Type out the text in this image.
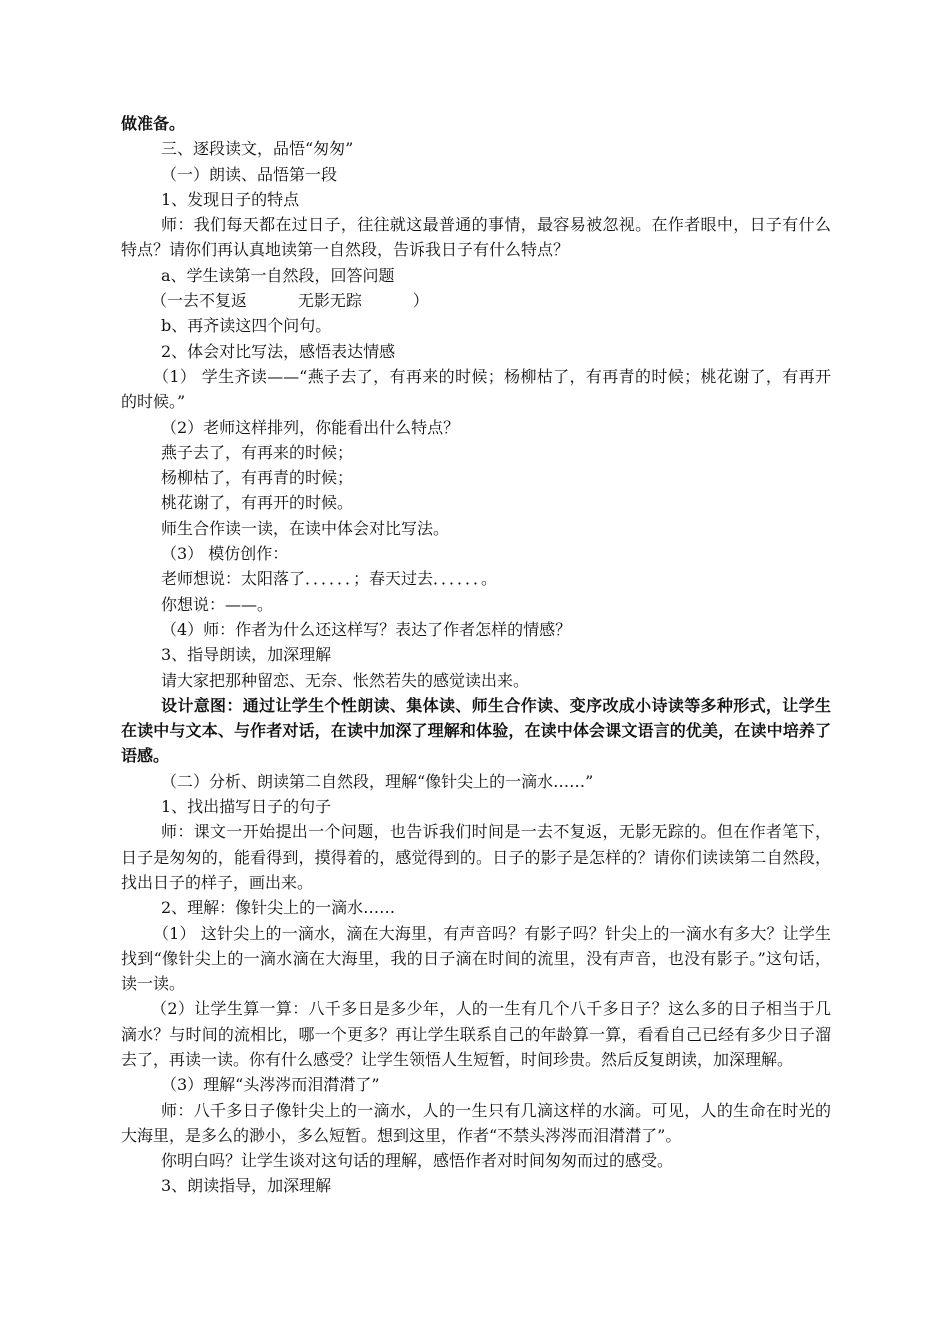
做准备。

三、逐段读文，品悟“匆匆”

（一）朗读、品悟第一段

1、发现日子的特点

师：我们每天都在过日子，往往就这最普通的事情，最容易被忽视。在作者眼中，日子有什么特点？请你们再认真地读第一自然段，告诉我日子有什么特点？

a、学生读第一自然段，回答问题

（一去不复返          无影无踪          ）

b、再齐读这四个问句。

2、体会对比写法，感悟表达情感

（1） 学生齐读——“燕子去了，有再来的时候；杨柳枯了，有再青的时候；桃花谢了，有再开的时候。”

（2）老师这样排列，你能看出什么特点？

燕子去了，有再来的时候；

杨柳枯了，有再青的时候；

桃花谢了，有再开的时候。

师生合作读一读，在读中体会对比写法。

（3） 模仿创作：

老师想说：太阳落了．．．．．．；春天过去．．．．．．。

你想说：——。

（4）师：作者为什么还这样写？表达了作者怎样的情感？

3、指导朗读，加深理解

请大家把那种留恋、无奈、怅然若失的感觉读出来。

设计意图：通过让学生个性朗读、集体读、师生合作读、变序改成小诗读等多种形式，让学生在读中与文本、与作者对话，在读中加深了理解和体验，在读中体会课文语言的优美，在读中培养了语感。

（二）分析、朗读第二自然段，理解“像针尖上的一滴水……”

1、找出描写日子的句子

师：课文一开始提出一个问题，也告诉我们时间是一去不复返，无影无踪的。但在作者笔下，日子是匆匆的，能看得到，摸得着的，感觉得到的。日子的影子是怎样的？请你们读读第二自然段，找出日子的样子，画出来。

2、理解：像针尖上的一滴水……

（1） 这针尖上的一滴水，滴在大海里，有声音吗？有影子吗？针尖上的一滴水有多大？让学生找到“像针尖上的一滴水滴在大海里，我的日子滴在时间的流里，没有声音，也没有影子。”这句话，读一读。

（2）让学生算一算：八千多日是多少年，人的一生有几个八千多日子？这么多的日子相当于几滴水？与时间的流相比，哪一个更多？再让学生联系自己的年龄算一算，看看自己已经有多少日子溜去了，再读一读。你有什么感受？让学生领悟人生短暂，时间珍贵。然后反复朗读，加深理解。

（3）理解“头涔涔而泪潸潸了”

师：八千多日子像针尖上的一滴水，人的一生只有几滴这样的水滴。可见，人的生命在时光的大海里，是多么的渺小，多么短暂。想到这里，作者“不禁头涔涔而泪潸潸了”。

你明白吗？让学生谈对这句话的理解，感悟作者对时间匆匆而过的感受。

3、朗读指导，加深理解
